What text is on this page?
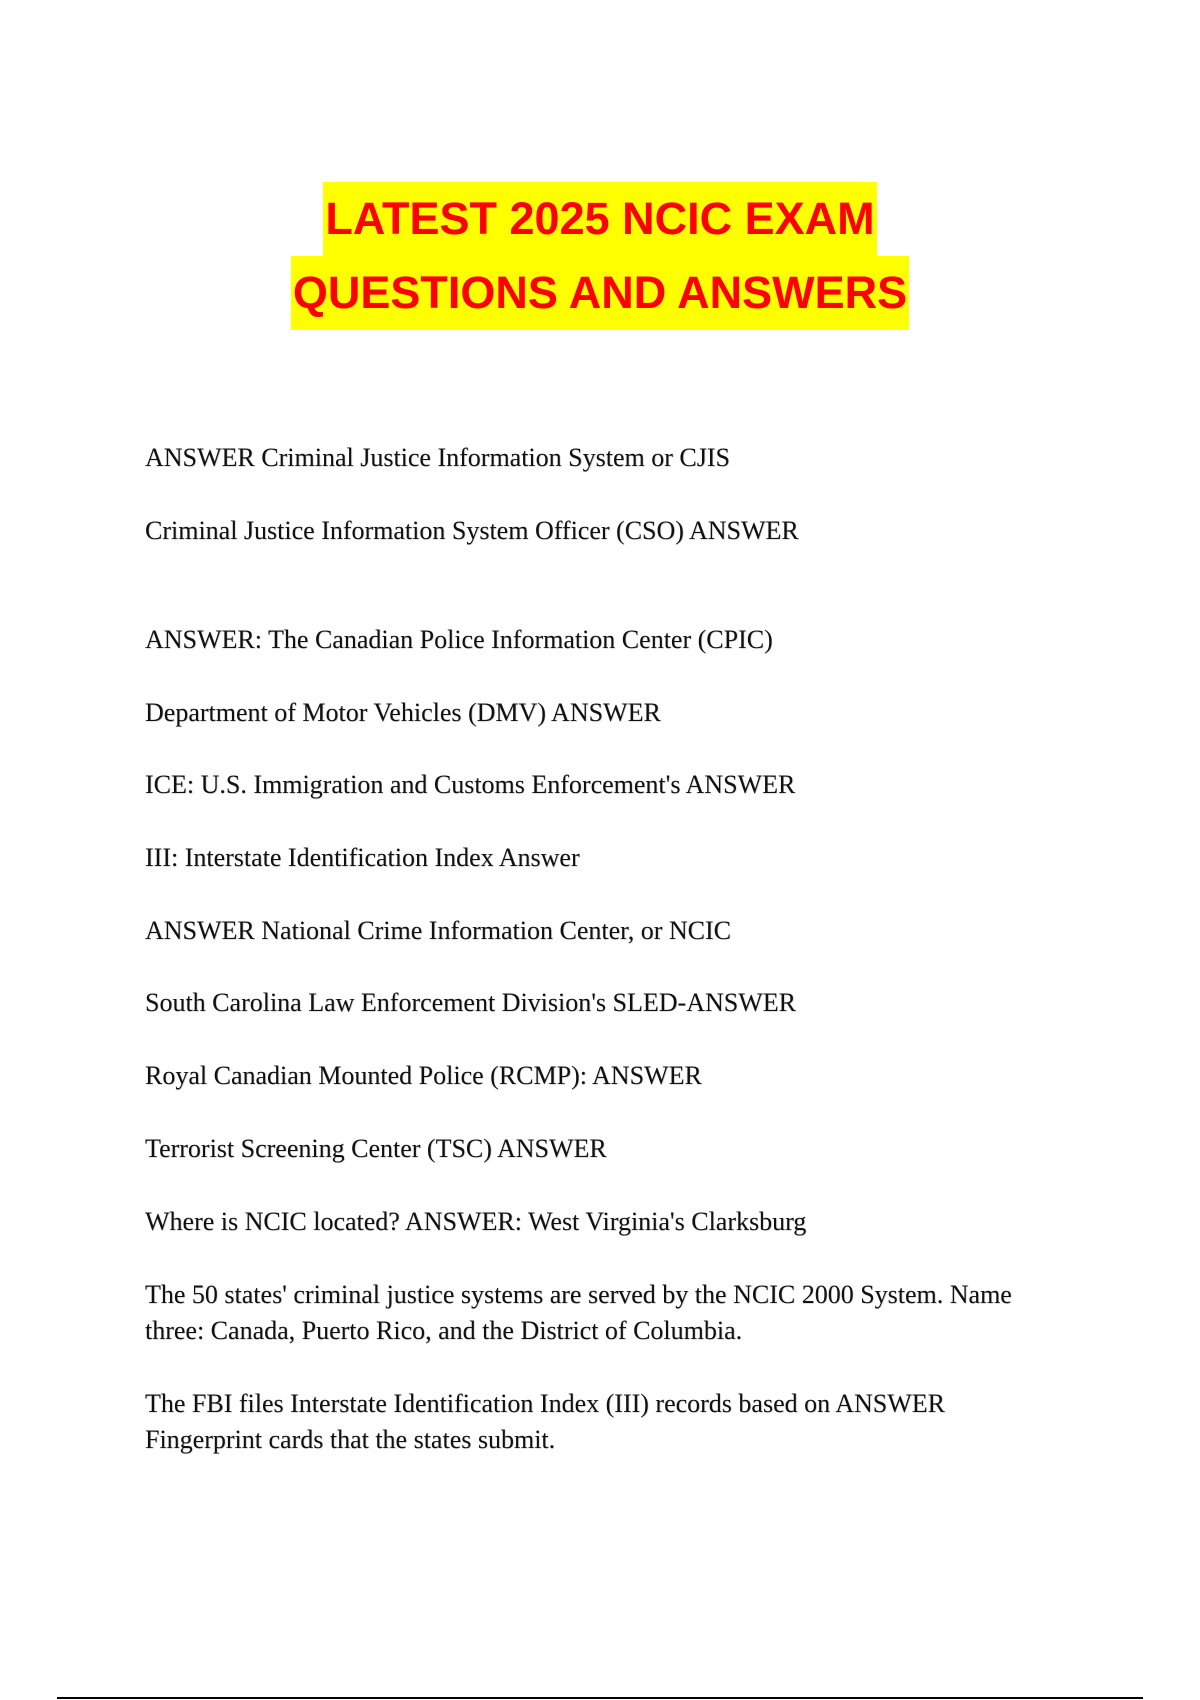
LATEST 2025 NCIC EXAM
QUESTIONS AND ANSWERS
ANSWER Criminal Justice Information System or CJIS
Criminal Justice Information System Officer (CSO) ANSWER
ANSWER: The Canadian Police Information Center (CPIC)
Department of Motor Vehicles (DMV) ANSWER
ICE: U.S. Immigration and Customs Enforcement's ANSWER
III: Interstate Identification Index Answer
ANSWER National Crime Information Center, or NCIC
South Carolina Law Enforcement Division's SLED-ANSWER
Royal Canadian Mounted Police (RCMP): ANSWER
Terrorist Screening Center (TSC) ANSWER
Where is NCIC located? ANSWER: West Virginia's Clarksburg
The 50 states' criminal justice systems are served by the NCIC 2000 System. Name three: Canada, Puerto Rico, and the District of Columbia.
The FBI files Interstate Identification Index (III) records based on ANSWER Fingerprint cards that the states submit.
